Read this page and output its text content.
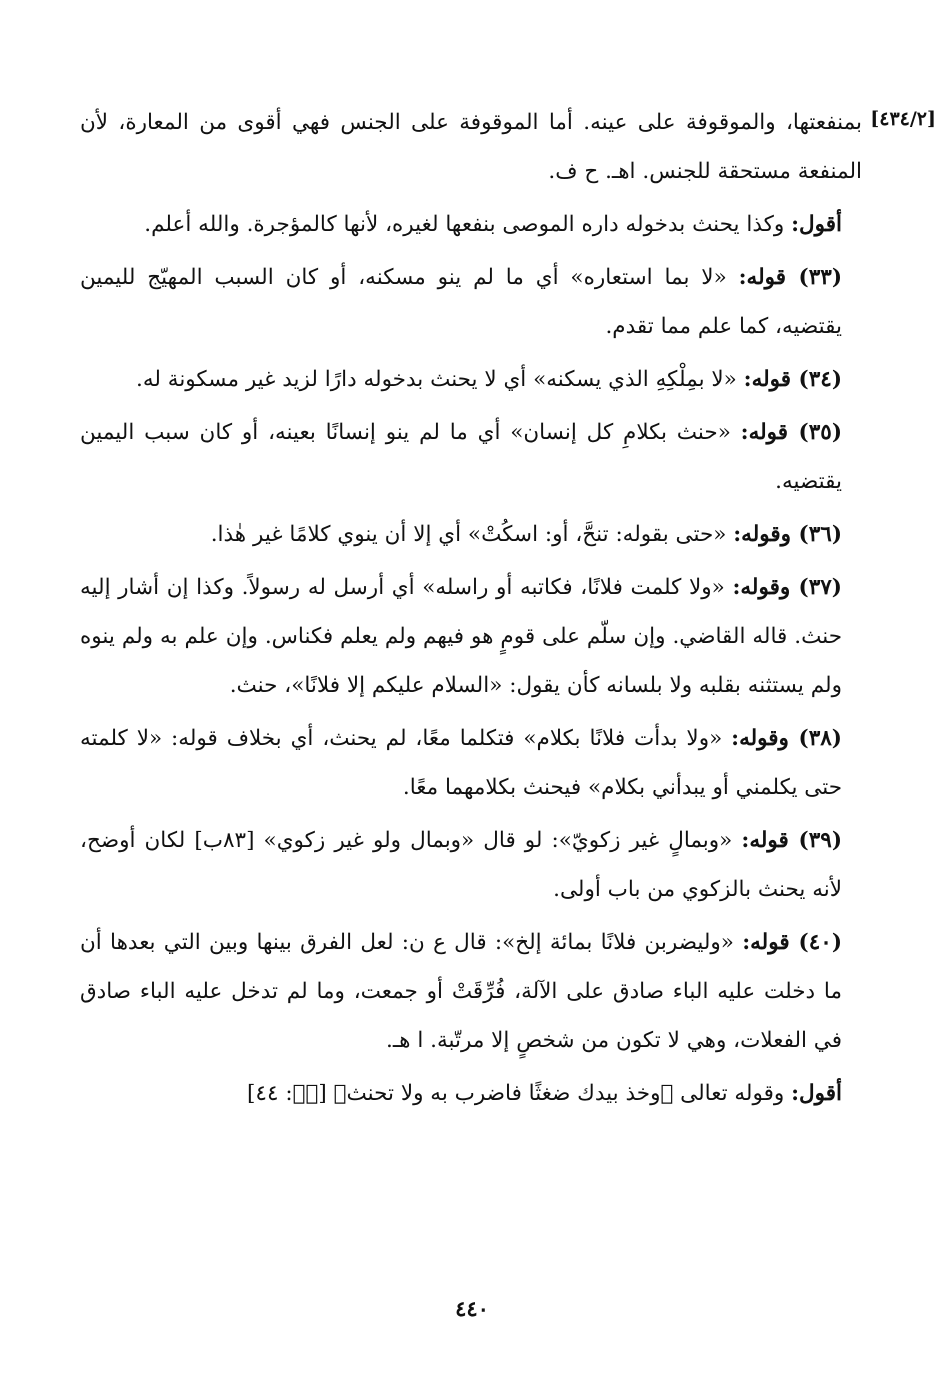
[٤٣٤/٢]

بمنفعتها، والموقوفة على عينه. أما الموقوفة على الجنس فهي أقوى من المعارة، لأن المنفعة مستحقة للجنس. اهـ. ح ف.

أقول: وكذا يحنث بدخوله داره الموصى بنفعها لغيره، لأنها كالمؤجرة. والله أعلم.

(٣٣) قوله: «لا بما استعاره» أي ما لم ينو مسكنه، أو كان السبب المهيّج لليمين يقتضيه، كما علم مما تقدم.

(٣٤) قوله: «لا بمِلْكِهِ الذي يسكنه» أي لا يحنث بدخوله دارًا لزيد غير مسكونة له.

(٣٥) قوله: «حنث بكلامِ كل إنسان» أي ما لم ينو إنسانًا بعينه، أو كان سبب اليمين يقتضيه.

(٣٦) وقوله: «حتى بقوله: تنحَّ، أو: اسكُتْ» أي إلا أن ينوي كلامًا غير هٰذا.

(٣٧) وقوله: «ولا كلمت فلانًا، فكاتبه أو راسله» أي أرسل له رسولاً. وكذا إن أشار إليه حنث. قاله القاضي. وإن سلّم على قومٍ هو فيهم ولم يعلم فكناس. وإن علم به ولم ينوه ولم يستثنه بقلبه ولا بلسانه كأن يقول: «السلام عليكم إلا فلانًا»، حنث.

(٣٨) وقوله: «ولا بدأت فلانًا بكلام» فتكلما معًا، لم يحنث، أي بخلاف قوله: «لا كلمته حتى يكلمني أو يبدأني بكلام» فيحنث بكلامهما معًا.

(٣٩) قوله: «وبمالٍ غير زكويّ»: لو قال «وبمال ولو غير زكوي» [٨٣ب] لكان أوضح، لأنه يحنث بالزكوي من باب أولى.

(٤٠) قوله: «وليضربن فلانًا بمائة إلخ»: قال ع ن: لعل الفرق بينها وبين التي بعدها أن ما دخلت عليه الباء صادق على الآلة، فُرِّقَتْ أو جمعت، وما لم تدخل عليه الباء صادق في الفعلات، وهي لا تكون من شخصٍ إلا مرتّبة. ا هـ.

أقول: وقوله تعالى ﴿وخذ بيدك ضغثًا فاضرب به ولا تحنث﴾ [صۤ: ٤٤]

٤٤٠
